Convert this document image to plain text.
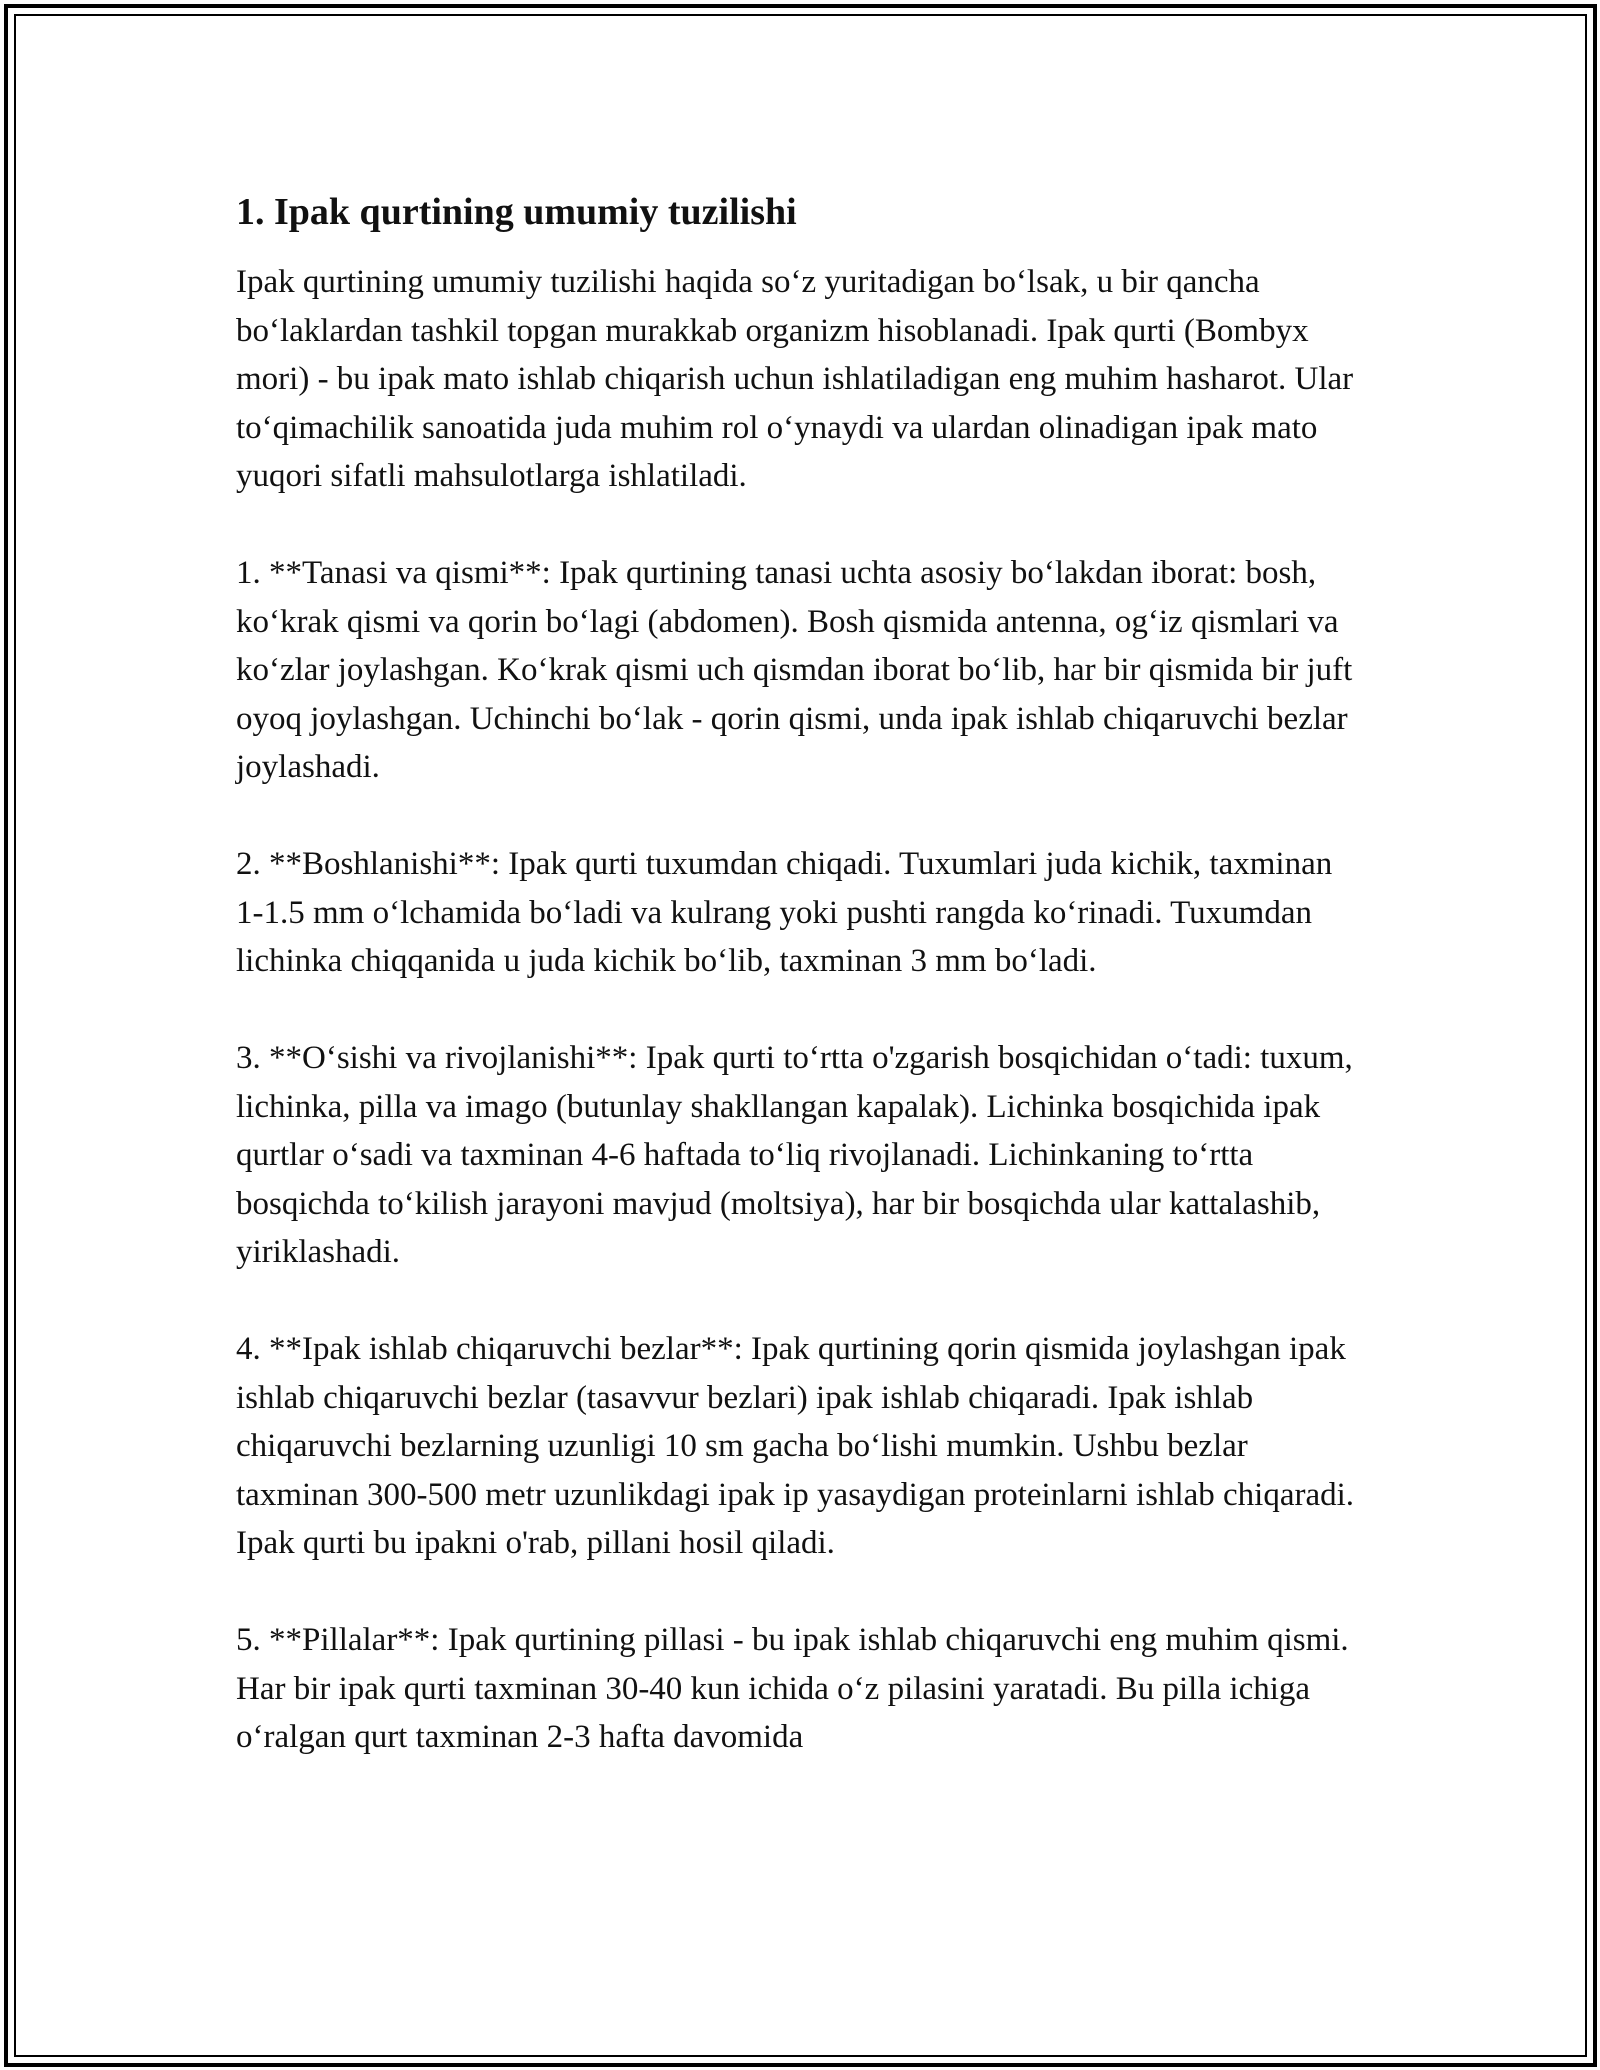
1. Ipak qurtining umumiy tuzilishi

Ipak qurtining umumiy tuzilishi haqida so‘z yuritadigan bo‘lsak, u bir qancha bo‘laklardan tashkil topgan murakkab organizm hisoblanadi. Ipak qurti (Bombyx mori) - bu ipak mato ishlab chiqarish uchun ishlatiladigan eng muhim hasharot. Ular to‘qimachilik sanoatida juda muhim rol o‘ynaydi va ulardan olinadigan ipak mato yuqori sifatli mahsulotlarga ishlatiladi.

1. **Tanasi va qismi**: Ipak qurtining tanasi uchta asosiy bo‘lakdan iborat: bosh, ko‘krak qismi va qorin bo‘lagi (abdomen). Bosh qismida antenna, og‘iz qismlari va ko‘zlar joylashgan. Ko‘krak qismi uch qismdan iborat bo‘lib, har bir qismida bir juft oyoq joylashgan. Uchinchi bo‘lak - qorin qismi, unda ipak ishlab chiqaruvchi bezlar joylashadi.

2. **Boshlanishi**: Ipak qurti tuxumdan chiqadi. Tuxumlari juda kichik, taxminan 1-1.5 mm o‘lchamida bo‘ladi va kulrang yoki pushti rangda ko‘rinadi. Tuxumdan lichinka chiqqanida u juda kichik bo‘lib, taxminan 3 mm bo‘ladi.

3. **O‘sishi va rivojlanishi**: Ipak qurti to‘rtta o'zgarish bosqichidan o‘tadi: tuxum, lichinka, pilla va imago (butunlay shakllangan kapalak). Lichinka bosqichida ipak qurtlar o‘sadi va taxminan 4-6 haftada to‘liq rivojlanadi. Lichinkaning to‘rtta bosqichda to‘kilish jarayoni mavjud (moltsiya), har bir bosqichda ular kattalashib, yiriklashadi.

4. **Ipak ishlab chiqaruvchi bezlar**: Ipak qurtining qorin qismida joylashgan ipak ishlab chiqaruvchi bezlar (tasavvur bezlari) ipak ishlab chiqaradi. Ipak ishlab chiqaruvchi bezlarning uzunligi 10 sm gacha bo‘lishi mumkin. Ushbu bezlar taxminan 300-500 metr uzunlikdagi ipak ip yasaydigan proteinlarni ishlab chiqaradi. Ipak qurti bu ipakni o'rab, pillani hosil qiladi.

5. **Pillalar**: Ipak qurtining pillasi - bu ipak ishlab chiqaruvchi eng muhim qismi. Har bir ipak qurti taxminan 30-40 kun ichida o‘z pilasini yaratadi. Bu pilla ichiga o‘ralgan qurt taxminan 2-3 hafta davomida
